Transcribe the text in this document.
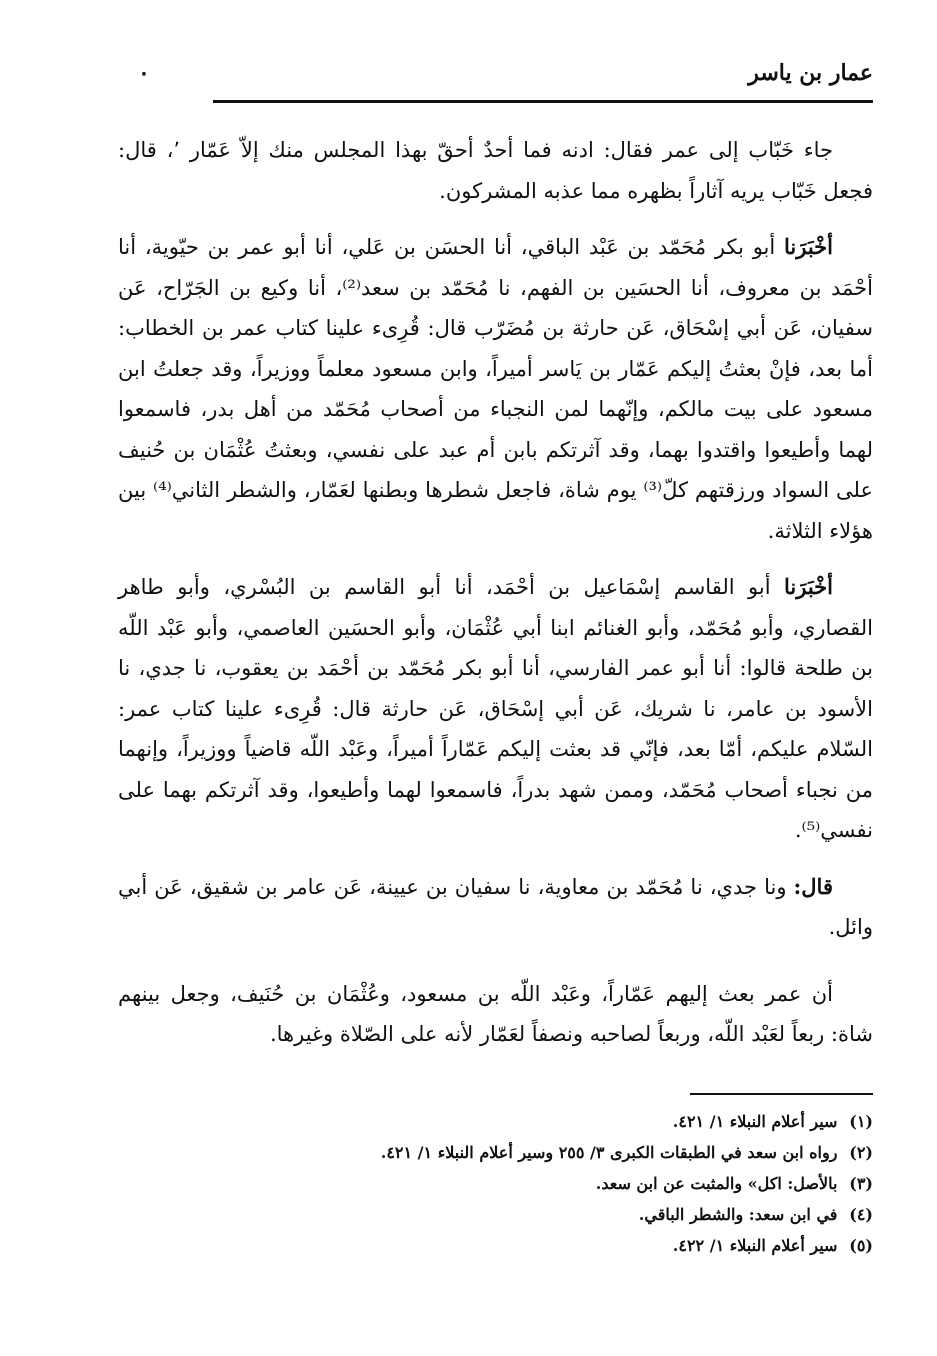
عمار بن ياسر
٠

جاء خَبّاب إلى عمر فقال: ادنه فما أحدٌ أحقّ بهذا المجلس منك إلاّ عَمّار ٬، قال: فجعل خَبّاب يريه آثاراً بظهره مما عذبه المشركون.

أخْبَرَنا أبو بكر مُحَمّد بن عَبْد الباقي، أنا الحسَن بن عَلي، أنا أبو عمر بن حيّوية، أنا أحْمَد بن معروف، أنا الحسَين بن الفهم، نا مُحَمّد بن سعد⁽²⁾، أنا وكيع بن الجَرّاح، عَن سفيان، عَن أبي إسْحَاق، عَن حارثة بن مُضَرّب قال: قُرِىء علينا كتاب عمر بن الخطاب: أما بعد، فإنْ بعثتُ إليكم عَمّار بن يَاسر أميراً، وابن مسعود معلماً ووزيراً، وقد جعلتُ ابن مسعود على بيت مالكم، وإنّهما لمن النجباء من أصحاب مُحَمّد من أهل بدر، فاسمعوا لهما وأطيعوا واقتدوا بهما، وقد آثرتكم بابن أم عبد على نفسي، وبعثتُ عُثْمَان بن حُنيف على السواد ورزقتهم كلّ⁽³⁾ يوم شاة، فاجعل شطرها وبطنها لعَمّار، والشطر الثاني⁽⁴⁾ بين هؤلاء الثلاثة.

أخْبَرَنا أبو القاسم إسْمَاعيل بن أحْمَد، أنا أبو القاسم بن البُسْري، وأبو طاهر القصاري، وأبو مُحَمّد، وأبو الغنائم ابنا أبي عُثْمَان، وأبو الحسَين العاصمي، وأبو عَبْد اللّه بن طلحة قالوا: أنا أبو عمر الفارسي، أنا أبو بكر مُحَمّد بن أحْمَد بن يعقوب، نا جدي، نا الأسود بن عامر، نا شريك، عَن أبي إسْحَاق، عَن حارثة قال: قُرِىء علينا كتاب عمر: السّلام عليكم، أمّا بعد، فإنّي قد بعثت إليكم عَمّاراً أميراً، وعَبْد اللّه قاضياً ووزيراً، وإنهما من نجباء أصحاب مُحَمّد، وممن شهد بدراً، فاسمعوا لهما وأطيعوا، وقد آثرتكم بهما على نفسي⁽⁵⁾.

قال: ونا جدي، نا مُحَمّد بن معاوية، نا سفيان بن عيينة، عَن عامر بن شقيق، عَن أبي وائل.

أن عمر بعث إليهم عَمّاراً، وعَبْد اللّه بن مسعود، وعُثْمَان بن حُنَيف، وجعل بينهم شاة: ربعاً لعَبْد اللّه، وربعاً لصاحبه ونصفاً لعَمّار لأنه على الصّلاة وغيرها.

(١) سير أعلام النبلاء ١/ ٤٢١.

(٢) رواه ابن سعد في الطبقات الكبرى ٣/ ٢٥٥ وسير أعلام النبلاء ١/ ٤٢١.

(٣) بالأصل: اكل» والمثبت عن ابن سعد.

(٤) في ابن سعد: والشطر الباقي.

(٥) سير أعلام النبلاء ١/ ٤٢٢.
